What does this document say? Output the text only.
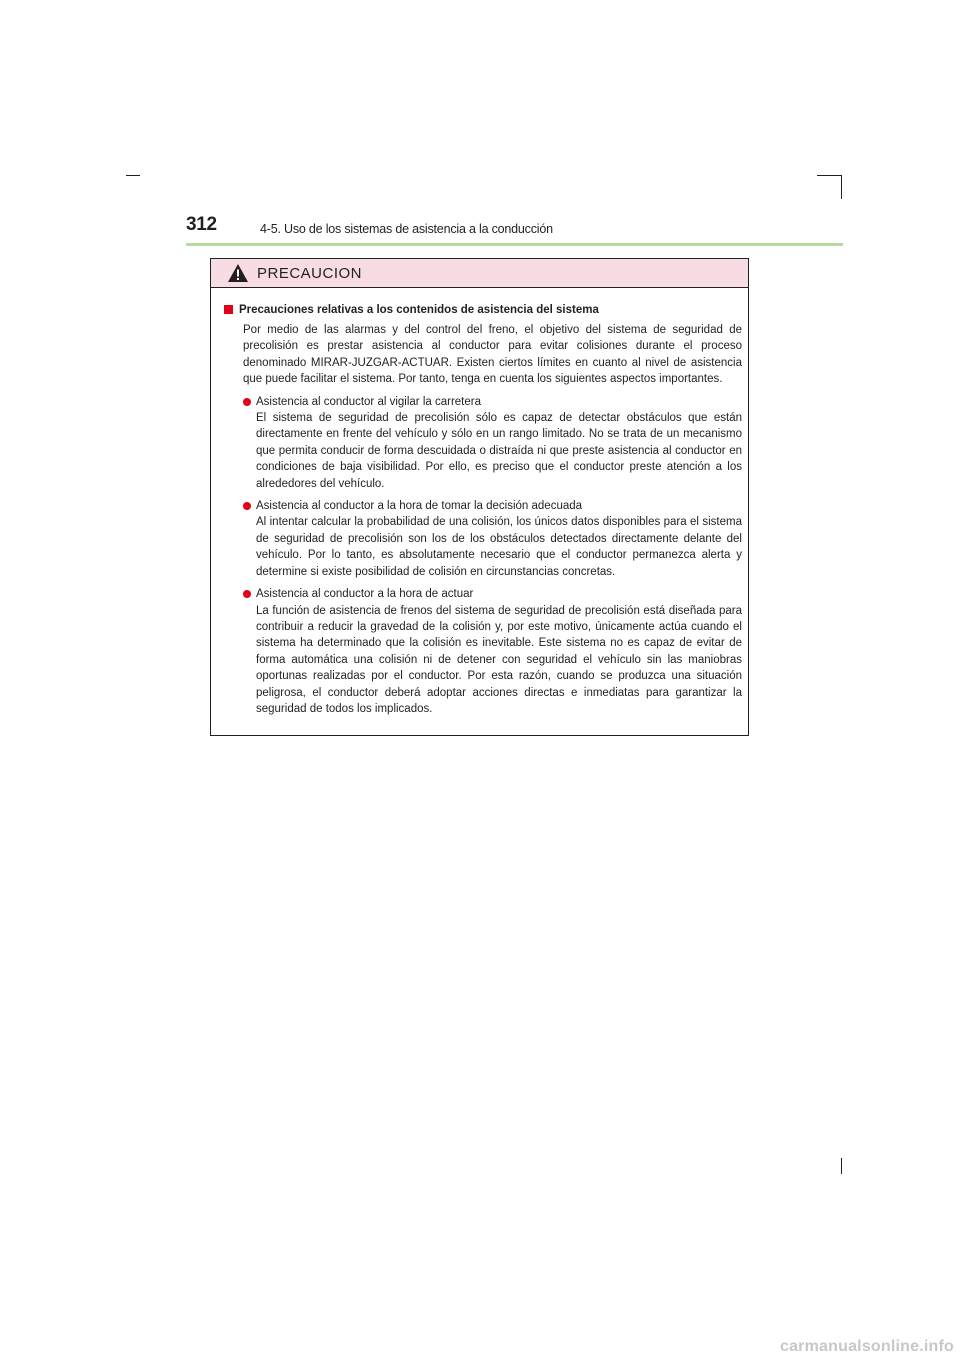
312	4-5. Uso de los sistemas de asistencia a la conducción
PRECAUCION
Precauciones relativas a los contenidos de asistencia del sistema
Por medio de las alarmas y del control del freno, el objetivo del sistema de seguridad de precolisión es prestar asistencia al conductor para evitar colisiones durante el proceso denominado MIRAR-JUZGAR-ACTUAR. Existen ciertos límites en cuanto al nivel de asistencia que puede facilitar el sistema. Por tanto, tenga en cuenta los siguientes aspectos importantes.
Asistencia al conductor al vigilar la carretera
El sistema de seguridad de precolisión sólo es capaz de detectar obstáculos que están directamente en frente del vehículo y sólo en un rango limitado. No se trata de un mecanismo que permita conducir de forma descuidada o distraída ni que preste asistencia al conductor en condiciones de baja visibilidad. Por ello, es preciso que el conductor preste atención a los alrededores del vehículo.
Asistencia al conductor a la hora de tomar la decisión adecuada
Al intentar calcular la probabilidad de una colisión, los únicos datos disponibles para el sistema de seguridad de precolisión son los de los obstáculos detectados directamente delante del vehículo. Por lo tanto, es absolutamente necesario que el conductor permanezca alerta y determine si existe posibilidad de colisión en circunstancias concretas.
Asistencia al conductor a la hora de actuar
La función de asistencia de frenos del sistema de seguridad de precolisión está diseñada para contribuir a reducir la gravedad de la colisión y, por este motivo, únicamente actúa cuando el sistema ha determinado que la colisión es inevitable. Este sistema no es capaz de evitar de forma automática una colisión ni de detener con seguridad el vehículo sin las maniobras oportunas realizadas por el conductor. Por esta razón, cuando se produzca una situación peligrosa, el conductor deberá adoptar acciones directas e inmediatas para garantizar la seguridad de todos los implicados.
carmanualsonline.info
